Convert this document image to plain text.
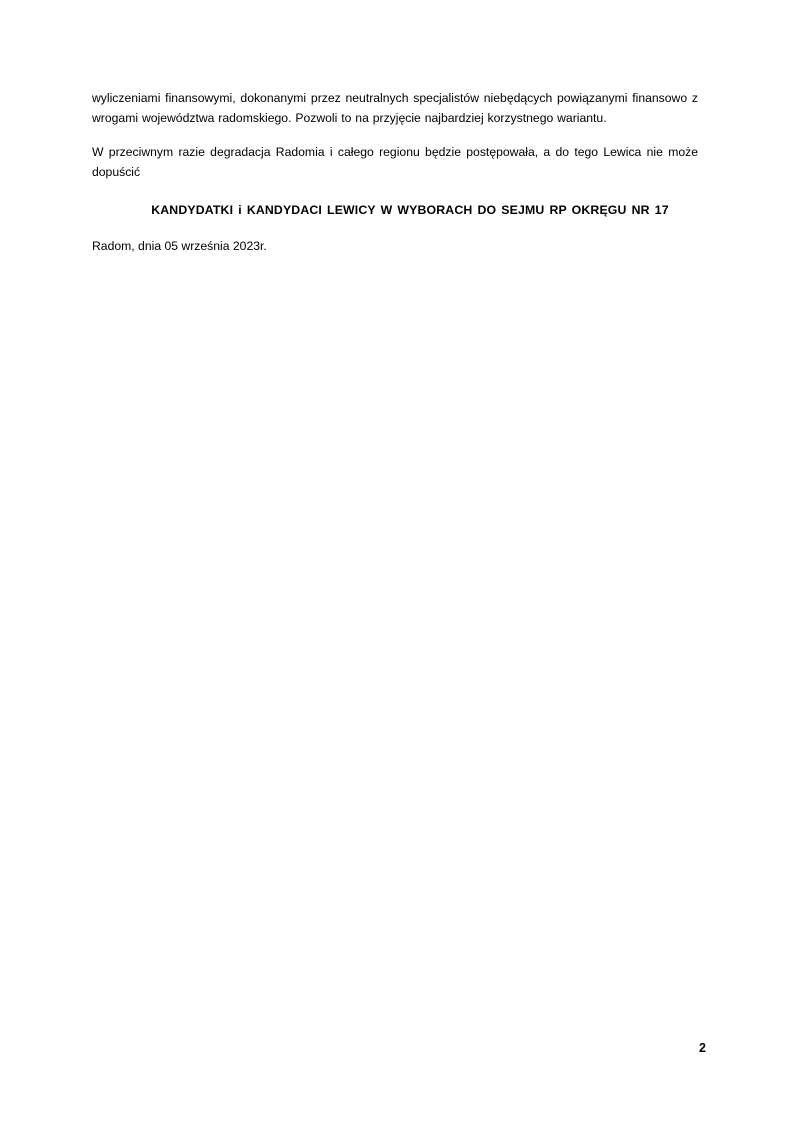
wyliczeniami finansowymi, dokonanymi przez neutralnych specjalistów niebędących powiązanymi finansowo z wrogami województwa radomskiego. Pozwoli to na przyjęcie najbardziej korzystnego wariantu.

W przeciwnym razie degradacja Radomia i całego regionu będzie postępowała, a do tego Lewica nie może dopuścić

KANDYDATKI i KANDYDACI LEWICY W WYBORACH DO SEJMU RP OKRĘGU NR 17

Radom, dnia 05 września 2023r.

2
